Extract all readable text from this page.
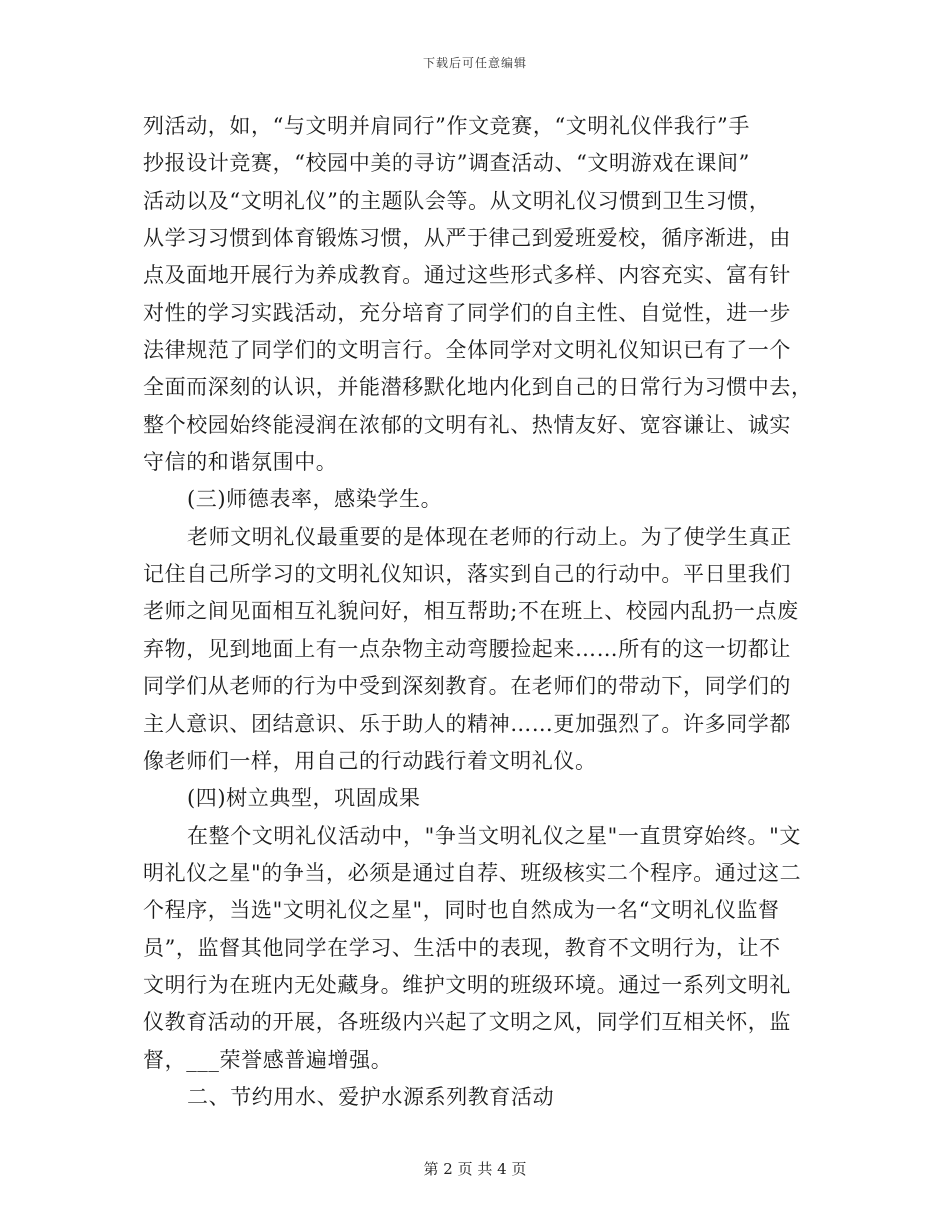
下载后可任意编辑
列活动，如，“与文明并肩同行”作文竞赛，“文明礼仪伴我行”手
抄报设计竞赛，“校园中美的寻访”调查活动、“文明游戏在课间”
活动以及“文明礼仪”的主题队会等。从文明礼仪习惯到卫生习惯，
从学习习惯到体育锻炼习惯，从严于律己到爱班爱校，循序渐进，由
点及面地开展行为养成教育。通过这些形式多样、内容充实、富有针
对性的学习实践活动，充分培育了同学们的自主性、自觉性，进一步
法律规范了同学们的文明言行。全体同学对文明礼仪知识已有了一个
全面而深刻的认识，并能潜移默化地内化到自己的日常行为习惯中去，
整个校园始终能浸润在浓郁的文明有礼、热情友好、宽容谦让、诚实
守信的和谐氛围中。
(三)师德表率，感染学生。
老师文明礼仪最重要的是体现在老师的行动上。为了使学生真正
记住自己所学习的文明礼仪知识，落实到自己的行动中。平日里我们
老师之间见面相互礼貌问好，相互帮助;不在班上、校园内乱扔一点废
弃物，见到地面上有一点杂物主动弯腰捡起来……所有的这一切都让
同学们从老师的行为中受到深刻教育。在老师们的带动下，同学们的
主人意识、团结意识、乐于助人的精神……更加强烈了。许多同学都
像老师们一样，用自己的行动践行着文明礼仪。
(四)树立典型，巩固成果
在整个文明礼仪活动中，"争当文明礼仪之星"一直贯穿始终。"文
明礼仪之星"的争当，必须是通过自荐、班级核实二个程序。通过这二
个程序，当选"文明礼仪之星"，同时也自然成为一名“文明礼仪监督
员”，监督其他同学在学习、生活中的表现，教育不文明行为，让不
文明行为在班内无处藏身。维护文明的班级环境。通过一系列文明礼
仪教育活动的开展，各班级内兴起了文明之风，同学们互相关怀，监
督，___荣誉感普遍增强。
二、节约用水、爱护水源系列教育活动
第 2 页 共 4 页
